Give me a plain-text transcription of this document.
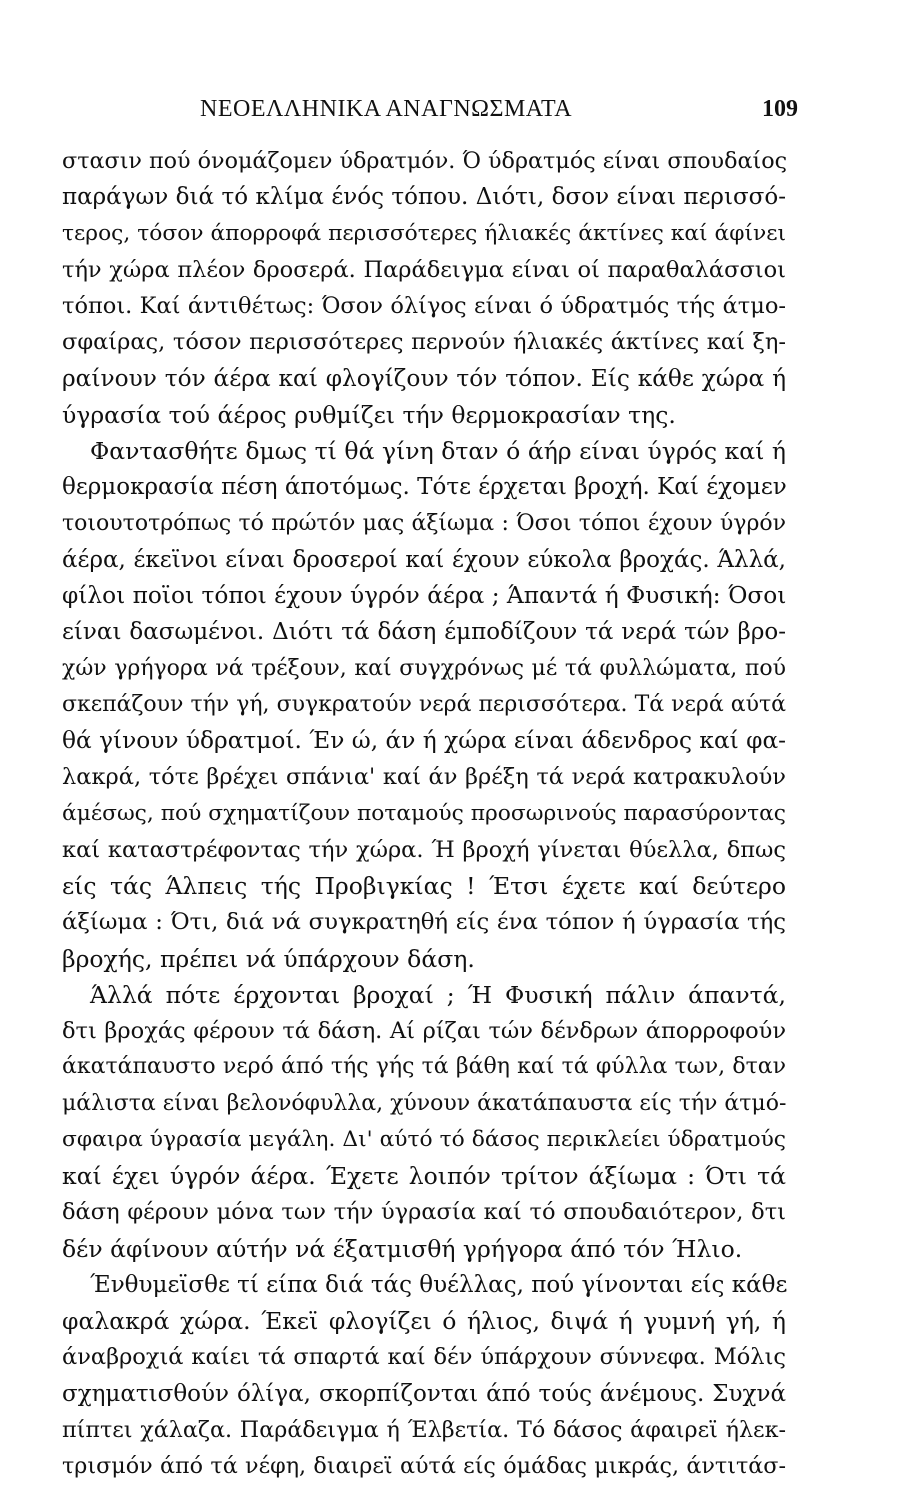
ΝΕΟΕΛΛΗΝΙΚΑ ΑΝΑΓΝΩΣΜΑΤΑ	109
στασιν πού όνομάζομεν ύδρατμόν. Ό ύδρατμός είναι σπουδαίος
παράγων διά τό κλίμα ένός τόπου. Διότι, δσον είναι περισσό-
τερος, τόσον άπορροφά περισσότερες ήλιακές άκτίνες καί άφίνει
τήν χώρα πλέον δροσερά. Παράδειγμα είναι οί παραθαλάσσιοι
τόποι. Καί άντιθέτως: Όσον όλίγος είναι ό ύδρατμός τής άτμο-
σφαίρας, τόσον περισσότερες περνούν ήλιακές άκτίνες καί ξη-
ραίνουν τόν άέρα καί φλογίζουν τόν τόπον. Είς κάθε χώρα ή
ύγρασία τού άέρος ρυθμίζει τήν θερμοκρασίαν της.
Φαντασθήτε δμως τί θά γίνη δταν ό άήρ είναι ύγρός καί ή
θερμοκρασία πέση άποτόμως. Τότε έρχεται βροχή. Καί έχομεν
τοιουτοτρόπως τό πρώτόν μας άξίωμα : Όσοι τόποι έχουν ύγρόν
άέρα, έκεϊνοι είναι δροσεροί καί έχουν εύκολα βροχάς. Άλλά,
φίλοι ποϊοι τόποι έχουν ύγρόν άέρα ; Άπαντά ή Φυσική: Όσοι
είναι δασωμένοι. Διότι τά δάση έμποδίζουν τά νερά τών βρο-
χών γρήγορα νά τρέξουν, καί συγχρόνως μέ τά φυλλώματα, πού
σκεπάζουν τήν γή, συγκρατούν νερά περισσότερα. Τά νερά αύτά
θά γίνουν ύδρατμοί. Έν ώ, άν ή χώρα είναι άδενδρος καί φα-
λακρά, τότε βρέχει σπάνια' καί άν βρέξη τά νερά κατρακυλούν
άμέσως, πού σχηματίζουν ποταμούς προσωρινούς παρασύροντας
καί καταστρέφοντας τήν χώρα. Ή βροχή γίνεται θύελλα, δπως
είς τάς Άλπεις τής Προβιγκίας ! Έτσι έχετε καί δεύτερο
άξίωμα : Ότι, διά νά συγκρατηθή είς ένα τόπον ή ύγρασία τής
βροχής, πρέπει νά ύπάρχουν δάση.
Άλλά πότε έρχονται βροχαί ; Ή Φυσική πάλιν άπαντά,
δτι βροχάς φέρουν τά δάση. Αί ρίζαι τών δένδρων άπορροφούν
άκατάπαυστο νερό άπό τής γής τά βάθη καί τά φύλλα των, δταν
μάλιστα είναι βελονόφυλλα, χύνουν άκατάπαυστα είς τήν άτμό-
σφαιρα ύγρασία μεγάλη. Δι' αύτό τό δάσος περικλείει ύδρατμούς
καί έχει ύγρόν άέρα. Έχετε λοιπόν τρίτον άξίωμα : Ότι τά
δάση φέρουν μόνα των τήν ύγρασία καί τό σπουδαιότερον, δτι
δέν άφίνουν αύτήν νά έξατμισθή γρήγορα άπό τόν Ήλιο.
Ένθυμεϊσθε τί είπα διά τάς θυέλλας, πού γίνονται είς κάθε
φαλακρά χώρα. Έκεϊ φλογίζει ό ήλιος, διψά ή γυμνή γή, ή
άναβροχιά καίει τά σπαρτά καί δέν ύπάρχουν σύννεφα. Μόλις
σχηματισθούν όλίγα, σκορπίζονται άπό τούς άνέμους. Συχνά
πίπτει χάλαζα. Παράδειγμα ή Έλβετία. Τό δάσος άφαιρεϊ ήλεκ-
τρισμόν άπό τά νέφη, διαιρεϊ αύτά είς όμάδας μικράς, άντιτάσ-
